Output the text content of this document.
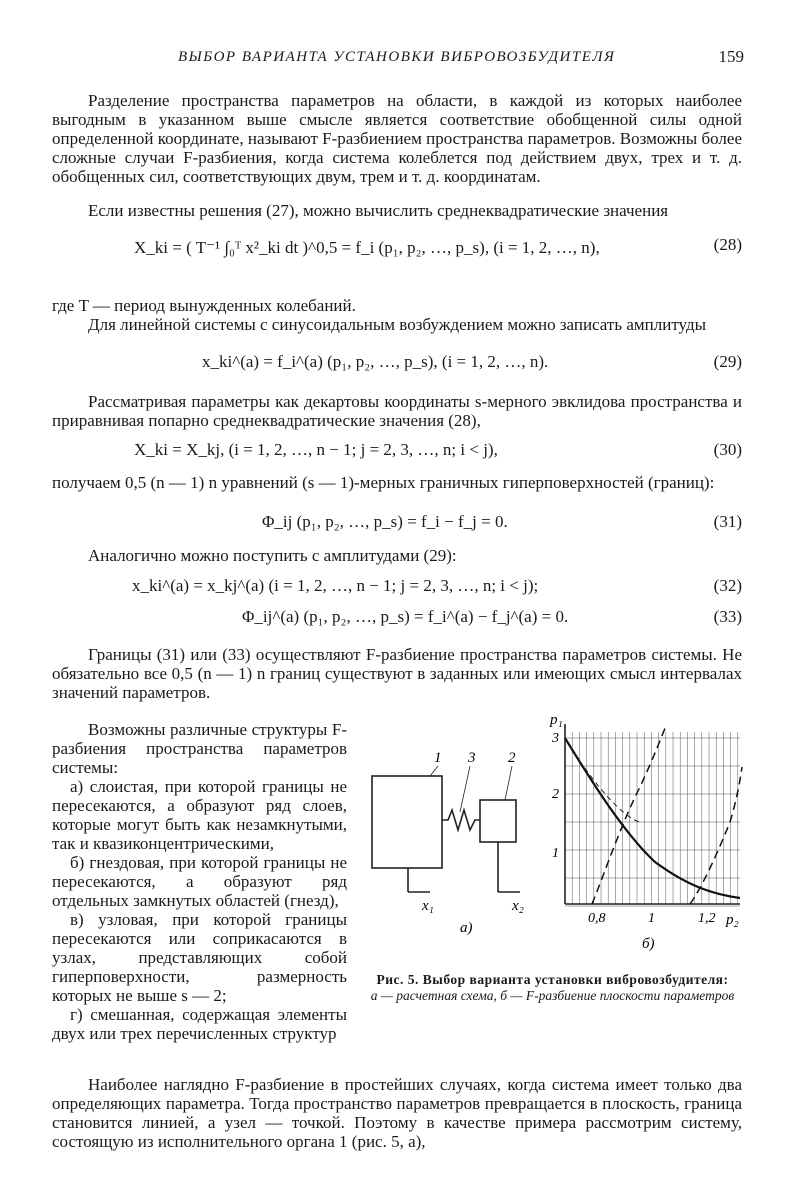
ВЫБОР ВАРИАНТА УСТАНОВКИ ВИБРОВОЗБУДИТЕЛЯ	159

Разделение пространства параметров на области, в каждой из которых наиболее выгодным в указанном выше смысле является соответствие обобщенной силы одной определенной координате, называют F-разбиением пространства параметров. Возможны более сложные случаи F-разбиения, когда система колеблется под действием двух, трех и т. д. обобщенных сил, соответствующих двум, трем и т. д. координатам.

Если известны решения (27), можно вычислить среднеквадратические значения

X_ki = ( T⁻¹ ∫₀ᵀ x²_ki dt )^0,5 = f_i (p₁, p₂, …, p_s), (i = 1, 2, …, n),	(28)

где T — период вынужденных колебаний.

Для линейной системы с синусоидальным возбуждением можно записать амплитуды

x_ki^(a) = f_i^(a) (p₁, p₂, …, p_s), (i = 1, 2, …, n).	(29)

Рассматривая параметры как декартовы координаты s-мерного эвклидова пространства и приравнивая попарно среднеквадратические значения (28),

X_ki = X_kj, (i = 1, 2, …, n − 1; j = 2, 3, …, n; i < j),	(30)

получаем 0,5 (n — 1) n уравнений (s — 1)-мерных граничных гиперповерхностей (границ):

Φ_ij (p₁, p₂, …, p_s) = f_i − f_j = 0.	(31)

Аналогично можно поступить с амплитудами (29):

x_ki^(a) = x_kj^(a) (i = 1, 2, …, n − 1; j = 2, 3, …, n; i < j);	(32)
Φ_ij^(a) (p₁, p₂, …, p_s) = f_i^(a) − f_j^(a) = 0.	(33)

Границы (31) или (33) осуществляют F-разбиение пространства параметров системы. Не обязательно все 0,5 (n — 1) n границ существуют в заданных или имеющих смысл интервалах значений параметров.

Возможны различные структуры F-разбиения пространства параметров системы:

а) слоистая, при которой границы не пересекаются, а образуют ряд слоев, которые могут быть как незамкнутыми, так и квазиконцентрическими,

б) гнездовая, при которой границы не пересекаются, а образуют ряд отдельных замкнутых областей (гнезд),

в) узловая, при которой границы пересекаются или соприкасаются в узлах, представляющих собой гиперповерхности, размерность которых не выше s — 2;

г) смешанная, содержащая элементы двух или трех перечисленных структур

1 3 2
x₁	x₂
а)
p₁
p₂
3
2
1
0,8	1	1,2
б)
Рис. 5. Выбор варианта установки вибровозбудителя:
а — расчетная схема, б — F-разбиение плоскости параметров

Наиболее наглядно F-разбиение в простейших случаях, когда система имеет только два определяющих параметра. Тогда пространство параметров превращается в плоскость, граница становится линией, а узел — точкой. Поэтому в качестве примера рассмотрим систему, состоящую из исполнительного органа 1 (рис. 5, а),
